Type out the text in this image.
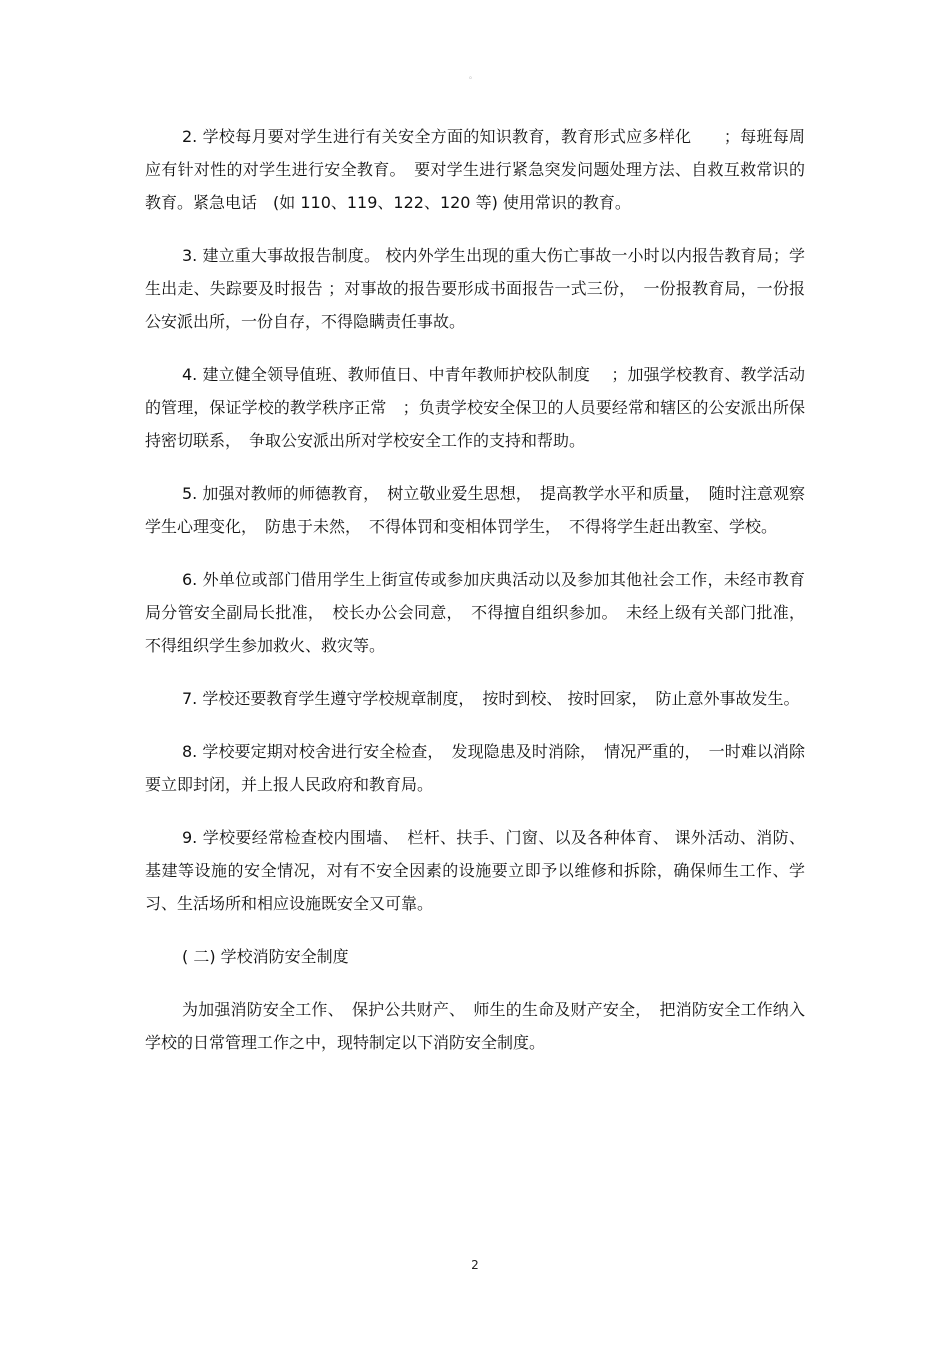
。

2. 学校每月要对学生进行有关安全方面的知识教育，教育形式应多样化　　；每班每周应有针对性的对学生进行安全教育。　要对学生进行紧急突发问题处理方法、自救互救常识的教育。紧急电话　(如 110、119、122、120 等) 使用常识的教育。

3. 建立重大事故报告制度。 校内外学生出现的重大伤亡事故一小时以内报告教育局；学生出走、失踪要及时报告 ；对事故的报告要形成书面报告一式三份，　一份报教育局，一份报公安派出所，一份自存，不得隐瞒责任事故。

4. 建立健全领导值班、教师值日、中青年教师护校队制度　 ；加强学校教育、教学活动的管理，保证学校的教学秩序正常　；负责学校安全保卫的人员要经常和辖区的公安派出所保持密切联系，　争取公安派出所对学校安全工作的支持和帮助。

5. 加强对教师的师德教育，　树立敬业爱生思想，　提高教学水平和质量，　随时注意观察学生心理变化，　防患于未然，　不得体罚和变相体罚学生，　不得将学生赶出教室、学校。

6. 外单位或部门借用学生上街宣传或参加庆典活动以及参加其他社会工作，未经市教育局分管安全副局长批准，　校长办公会同意，　不得擅自组织参加。　未经上级有关部门批准，不得组织学生参加救火、救灾等。

7. 学校还要教育学生遵守学校规章制度，　按时到校、 按时回家，　防止意外事故发生。

8. 学校要定期对校舍进行安全检查，　发现隐患及时消除，　情况严重的，　一时难以消除要立即封闭，并上报人民政府和教育局。

9. 学校要经常检查校内围墙、　栏杆、扶手、门窗、以及各种体育、 课外活动、消防、基建等设施的安全情况，对有不安全因素的设施要立即予以维修和拆除，确保师生工作、学习、生活场所和相应设施既安全又可靠。

( 二) 学校消防安全制度

为加强消防安全工作、　保护公共财产、　师生的生命及财产安全，　把消防安全工作纳入学校的日常管理工作之中，现特制定以下消防安全制度。

2
